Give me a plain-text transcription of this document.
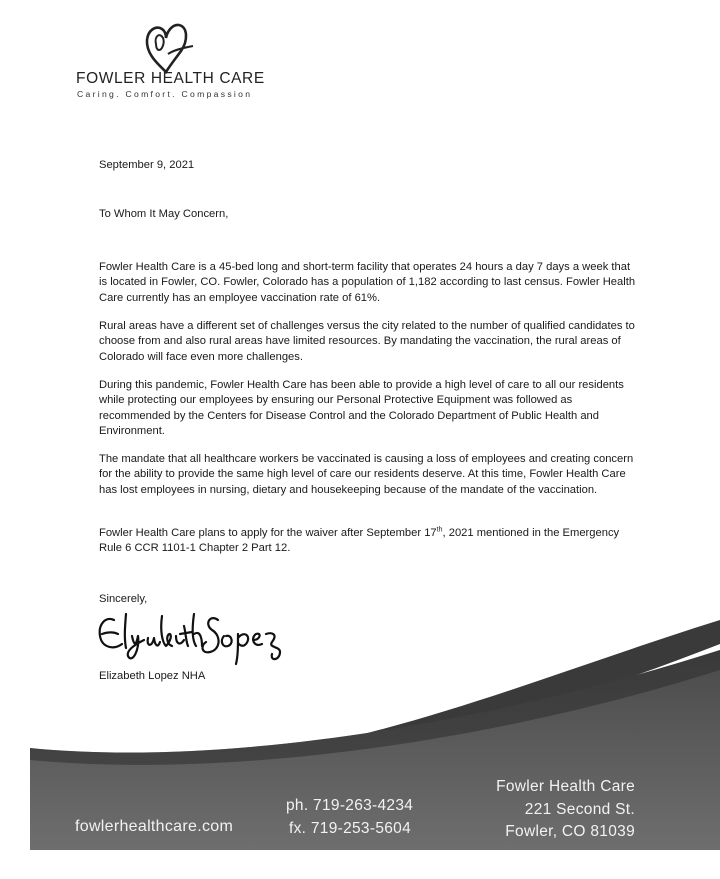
FOWLER HEALTH CARE
Caring. Comfort. Compassion

September 9, 2021

To Whom It May Concern,

Fowler Health Care is a 45-bed long and short-term facility that operates 24 hours a day 7 days a week that is located in Fowler, CO. Fowler, Colorado has a population of 1,182 according to last census. Fowler Health Care currently has an employee vaccination rate of 61%.

Rural areas have a different set of challenges versus the city related to the number of qualified candidates to choose from and also rural areas have limited resources. By mandating the vaccination, the rural areas of Colorado will face even more challenges.

During this pandemic, Fowler Health Care has been able to provide a high level of care to all our residents while protecting our employees by ensuring our Personal Protective Equipment was followed as recommended by the Centers for Disease Control and the Colorado Department of Public Health and Environment.

The mandate that all healthcare workers be vaccinated is causing a loss of employees and creating concern for the ability to provide the same high level of care our residents deserve. At this time, Fowler Health Care has lost employees in nursing, dietary and housekeeping because of the mandate of the vaccination.

Fowler Health Care plans to apply for the waiver after September 17th, 2021 mentioned in the Emergency Rule 6 CCR 1101-1 Chapter 2 Part 12.

Sincerely,

Elizabeth Lopez NHA

fowlerhealthcare.com
ph. 719-263-4234
fx. 719-253-5604
Fowler Health Care
221 Second St.
Fowler, CO 81039
